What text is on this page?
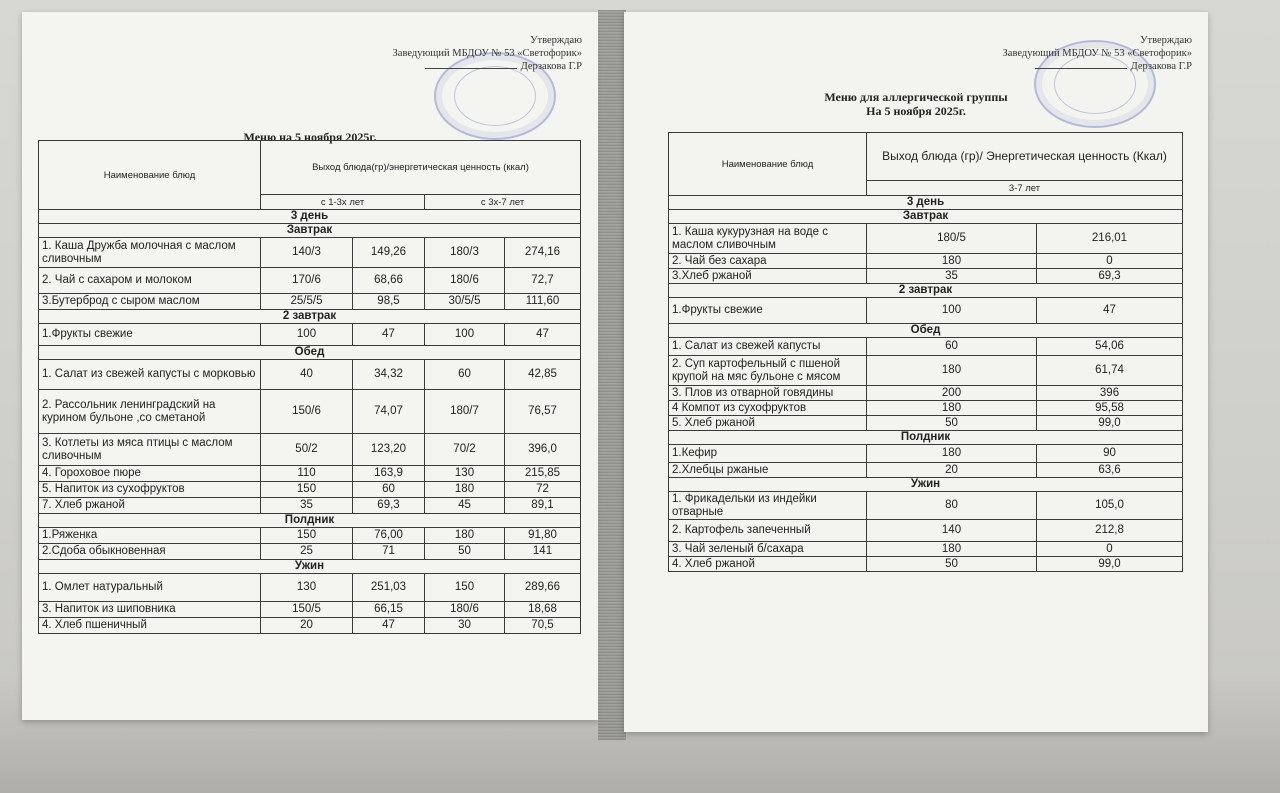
Утверждаю
Заведующий МБДОУ № 53 «Светофорик»
Дерзакова Г.Р
Меню на 5 ноября 2025г.
Наименование блюд	Выход блюда(гр)/энергетическая ценность (ккал)			
	с 1-3х лет		с 3х-7 лет	
3 день				
Завтрак				
1. Каша Дружба молочная с маслом сливочным	140/3	149,26	180/3	274,16
2. Чай с сахаром и молоком	170/6	68,66	180/6	72,7
3.Бутерброд с сыром маслом	25/5/5	98,5	30/5/5	111,60
2 завтрак				
1.Фрукты свежие	100	47	100	47
Обед				
1. Салат из свежей капусты с морковью	40	34,32	60	42,85
2. Рассольник ленинградский на курином бульоне ,со сметаной	150/6	74,07	180/7	76,57
3. Котлеты из мяса птицы с маслом сливочным	50/2	123,20	70/2	396,0
4. Гороховое пюре	110	163,9	130	215,85
5. Напиток из сухофруктов	150	60	180	72
7. Хлеб ржаной	35	69,3	45	89,1
Полдник				
1.Ряженка	150	76,00	180	91,80
2.Сдоба обыкновенная	25	71	50	141
Ужин				
1. Омлет натуральный	130	251,03	150	289,66
3. Напиток из шиповника	150/5	66,15	180/6	18,68
4. Хлеб пшеничный	20	47	30	70,5
Утверждаю
Заведующий МБДОУ № 53 «Светофорик»
Дерзакова Г.Р
Меню для аллергической группы
На 5 ноября 2025г.
Наименование блюд	Выход блюда (гр)/ Энергетическая ценность (Ккал)	
	3-7 лет	
3 день		
Завтрак		
1. Каша кукурузная на воде с маслом сливочным	180/5	216,01
2. Чай без сахара	180	0
3.Хлеб ржаной	35	69,3
2 завтрак		
1.Фрукты свежие	100	47
Обед		
1. Салат из свежей капусты	60	54,06
2. Суп картофельный с пшеной крупой на мяс бульоне с мясом	180	61,74
3. Плов из отварной говядины	200	396
4 Компот из сухофруктов	180	95,58
5. Хлеб ржаной	50	99,0
Полдник		
1.Кефир	180	90
2.Хлебцы ржаные	20	63,6
Ужин		
1. Фрикадельки из индейки отварные	80	105,0
2. Картофель запеченный	140	212,8
3. Чай зеленый б/сахара	180	0
4. Хлеб ржаной	50	99,0
